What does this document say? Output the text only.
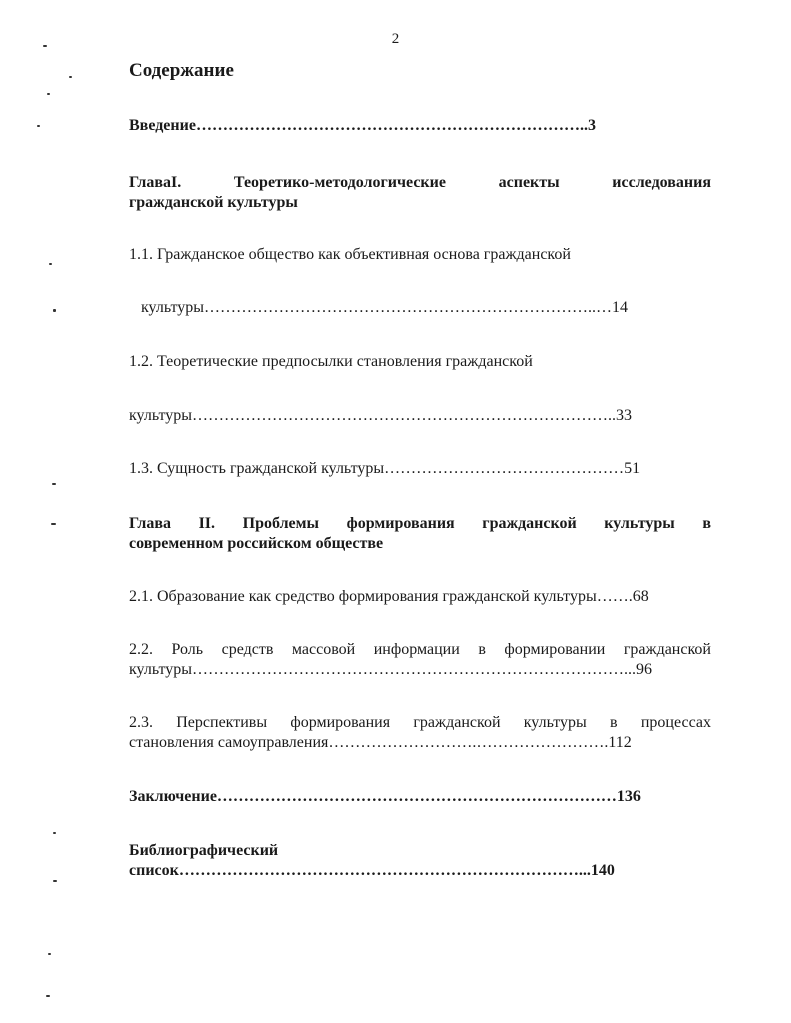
2
Содержание
Введение………………………………………………………………..3
ГлаваI. Теоретико-методологические аспекты исследования
гражданской культуры
1.1. Гражданское общество как объективная основа гражданской
культуры………………………………………………………………..…14
1.2. Теоретические предпосылки становления гражданской
культуры……………………………………………………………………..33
1.3. Сущность гражданской культуры………………………………………51
Глава II. Проблемы формирования гражданской культуры в
современном российском обществе
2.1. Образование как средство формирования гражданской культуры…….68
2.2. Роль средств массовой информации в формировании гражданской
культуры………………………………………………………………………...96
2.3. Перспективы формирования гражданской культуры в процессах
становления самоуправления……………………….…………………….112
Заключение…………………………………………………………………136
Библиографический
список…………………………………………………………………...140
